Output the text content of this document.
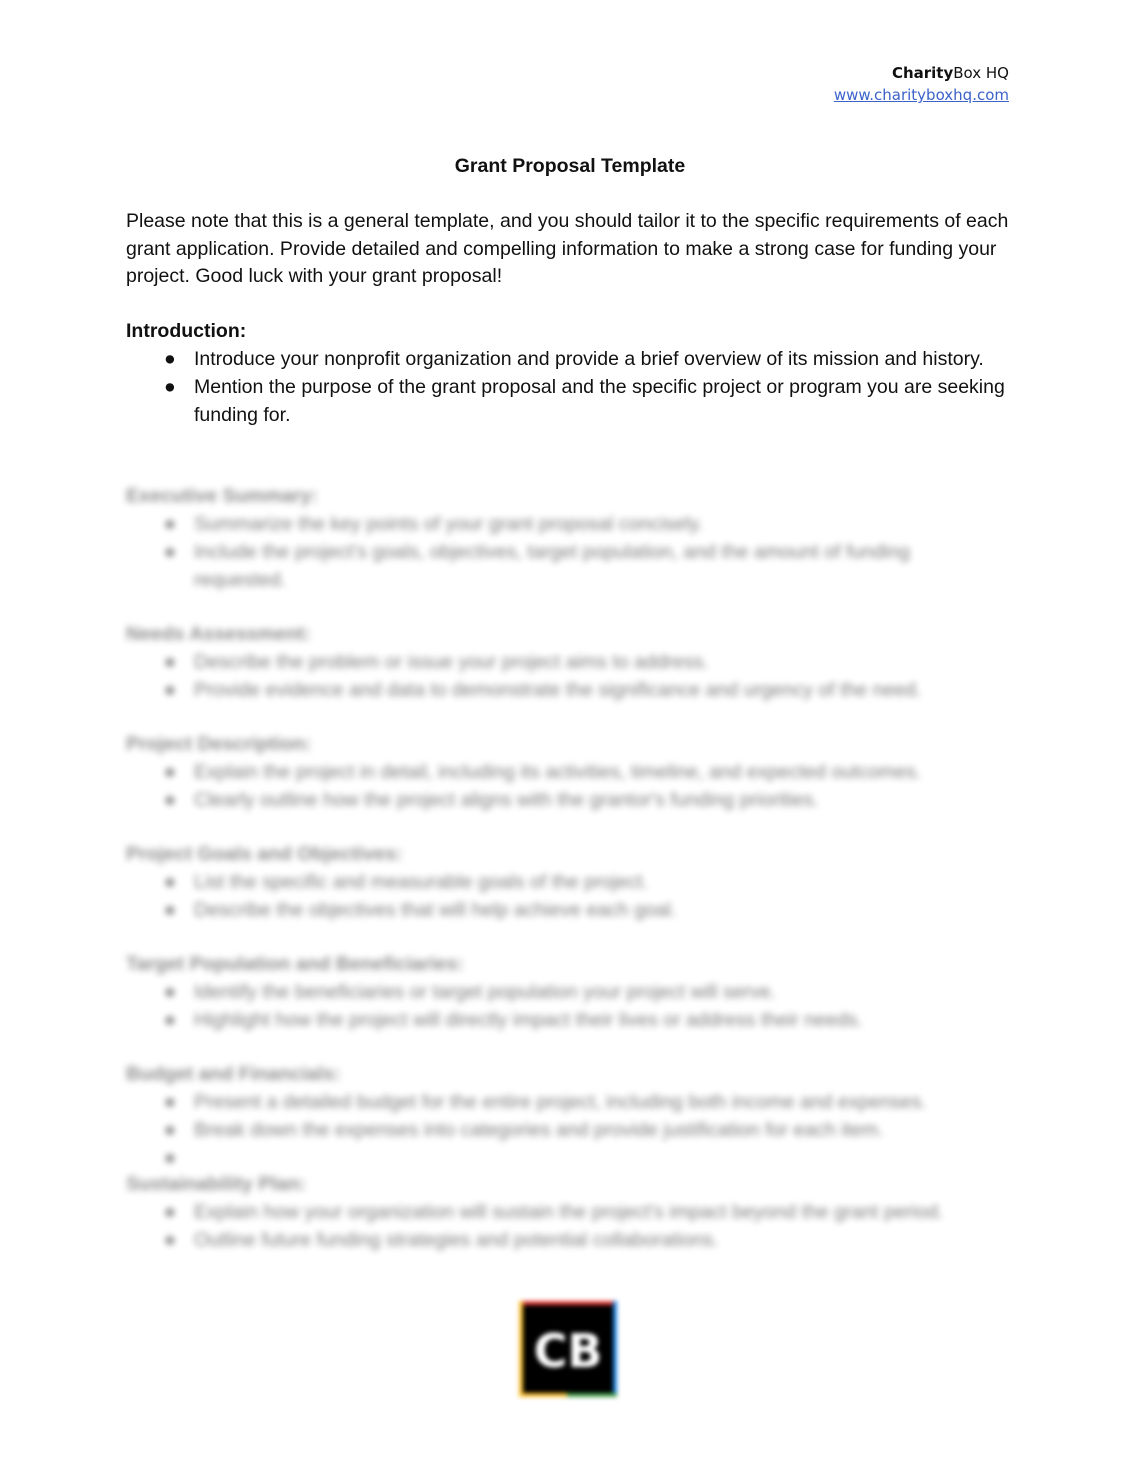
CharityBox HQ
www.charityboxhq.com
Grant Proposal Template

Please note that this is a general template, and you should tailor it to the specific requirements of each grant application. Provide detailed and compelling information to make a strong case for funding your project. Good luck with your grant proposal!

Introduction:

● Introduce your nonprofit organization and provide a brief overview of its mission and history.
● Mention the purpose of the grant proposal and the specific project or program you are seeking funding for.

Executive Summary:

● Summarize the key points of your grant proposal concisely.
● Include the project's goals, objectives, target population, and the amount of funding requested.

Needs Assessment:

● Describe the problem or issue your project aims to address.
● Provide evidence and data to demonstrate the significance and urgency of the need.

Project Description:

● Explain the project in detail, including its activities, timeline, and expected outcomes.
● Clearly outline how the project aligns with the grantor's funding priorities.

Project Goals and Objectives:

● List the specific and measurable goals of the project.
● Describe the objectives that will help achieve each goal.

Target Population and Beneficiaries:

● Identify the beneficiaries or target population your project will serve.
● Highlight how the project will directly impact their lives or address their needs.

Budget and Financials:

● Present a detailed budget for the entire project, including both income and expenses.
● Break down the expenses into categories and provide justification for each item.
●

Sustainability Plan:

● Explain how your organization will sustain the project's impact beyond the grant period.
● Outline future funding strategies and potential collaborations.
CB
